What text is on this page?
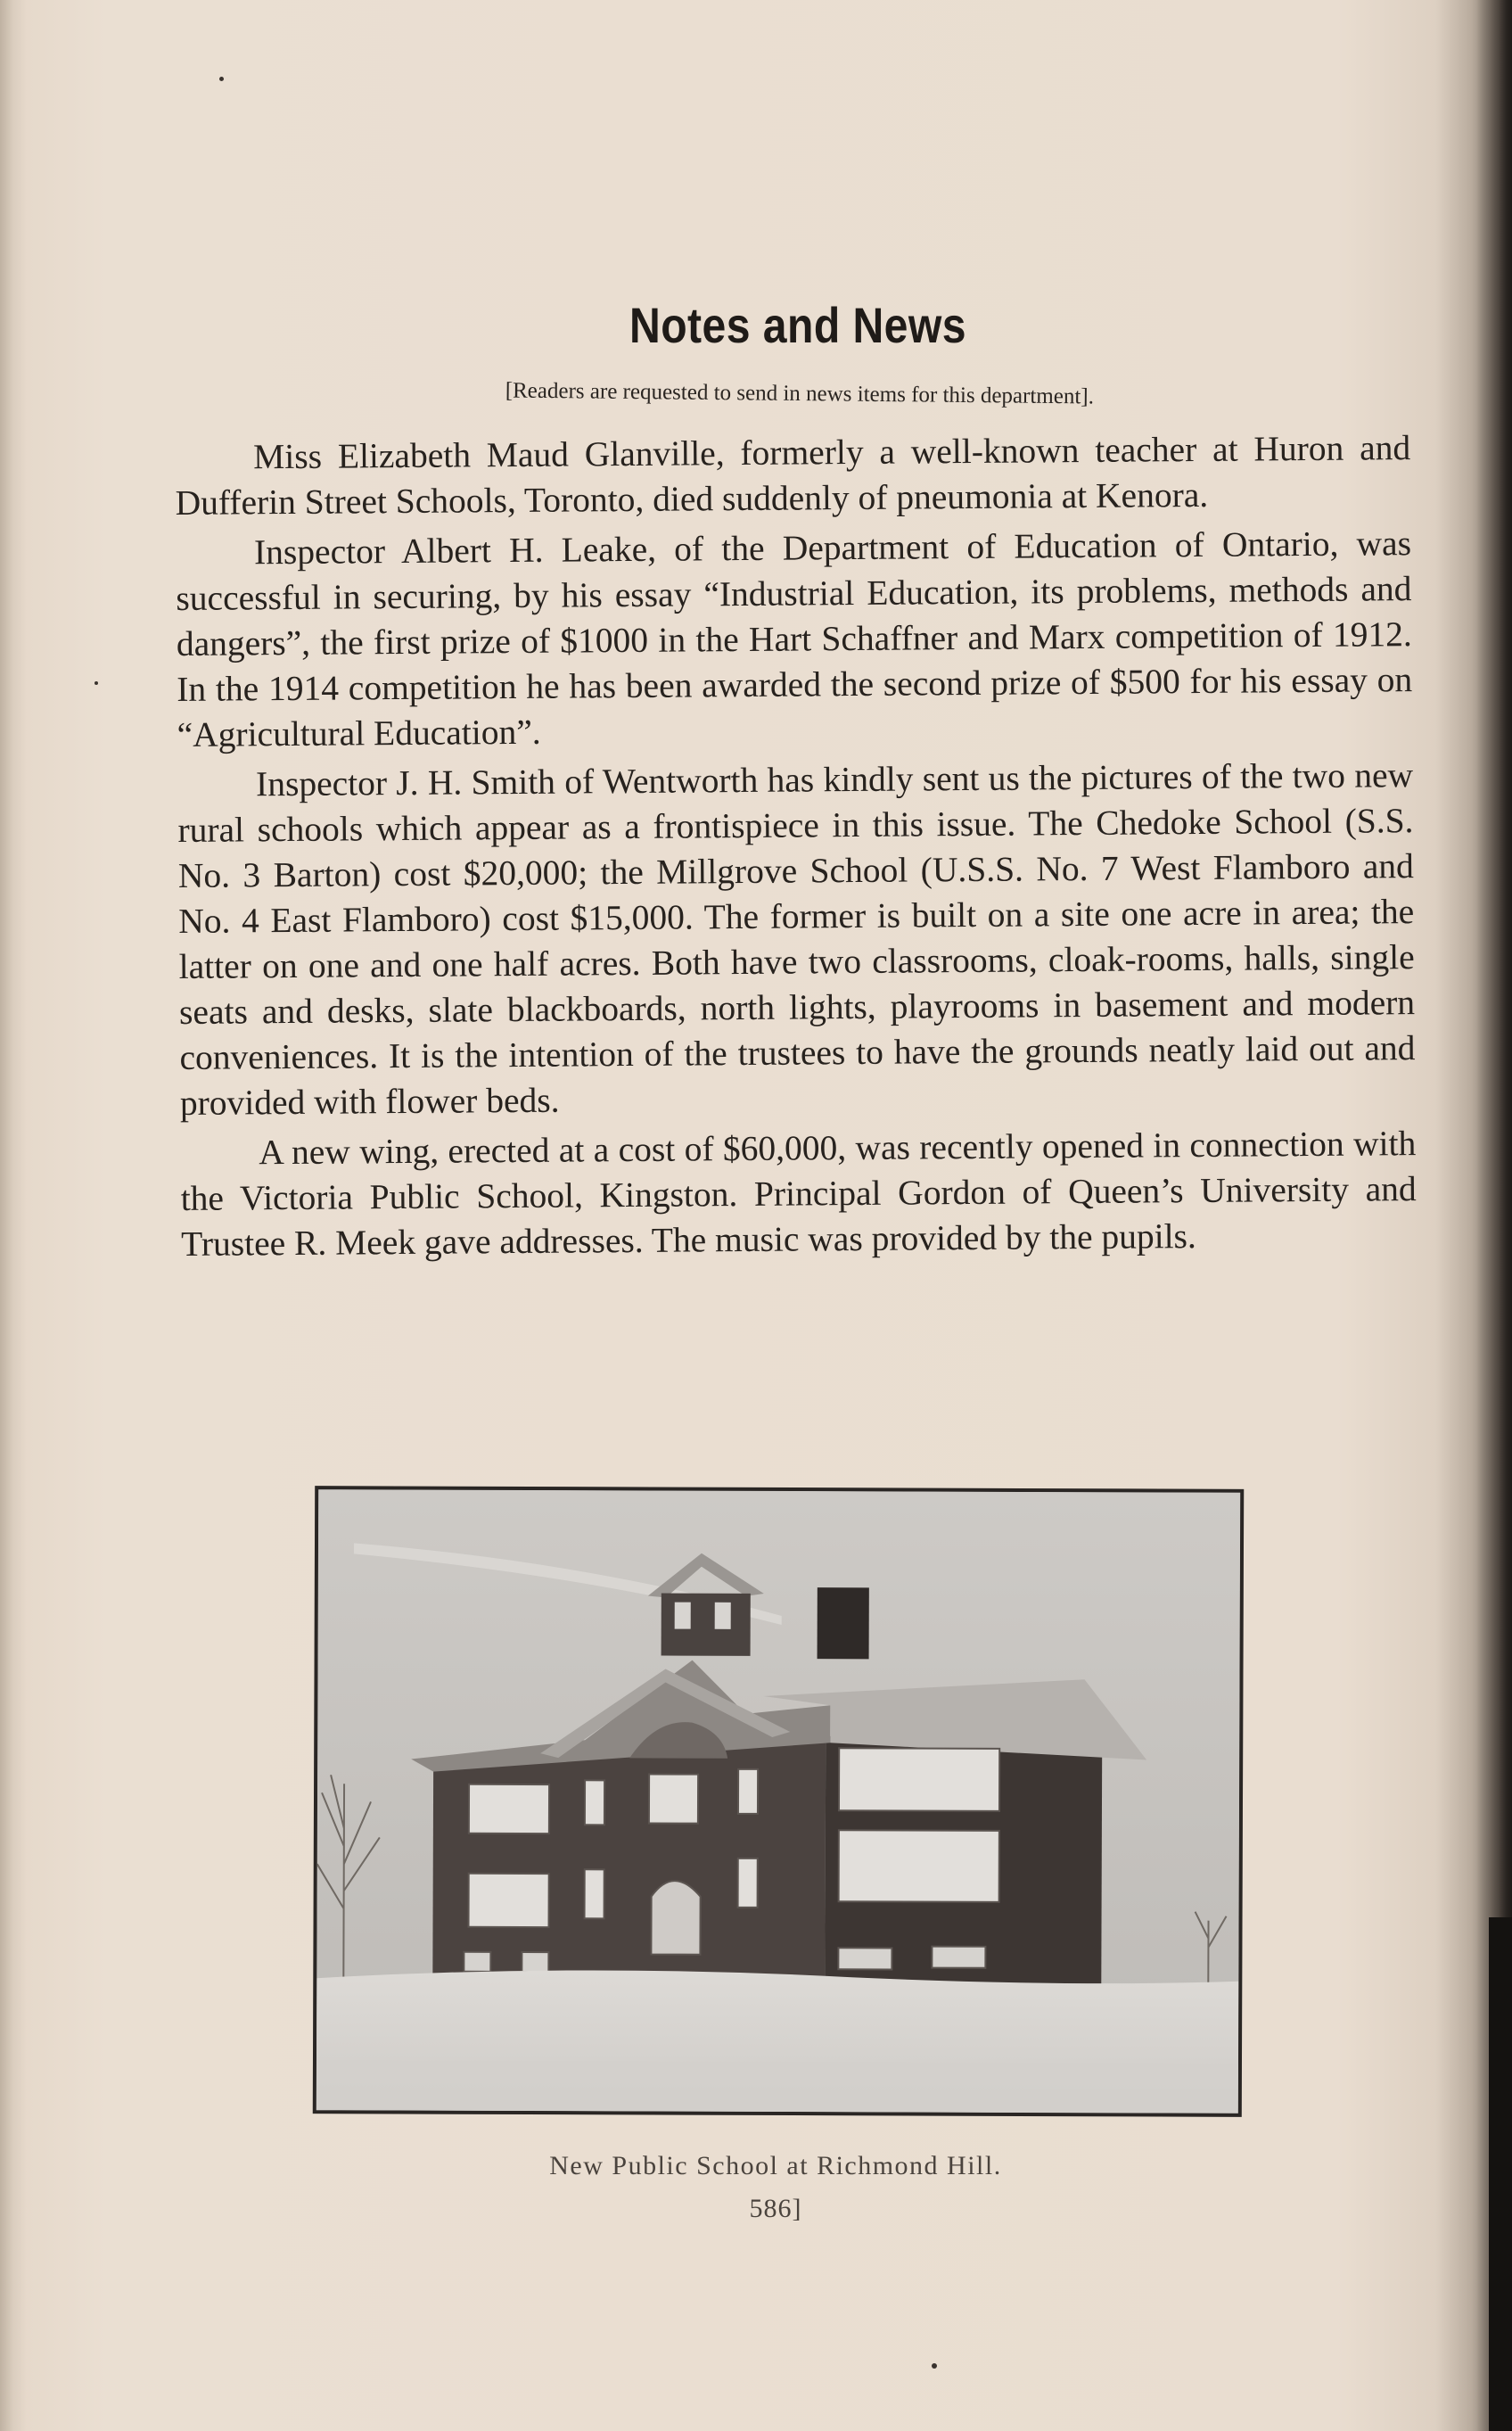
Notes and News
[Readers are requested to send in news items for this department].

Miss Elizabeth Maud Glanville, formerly a well-known teacher at Huron and Dufferin Street Schools, Toronto, died suddenly of pneumonia at Kenora.

Inspector Albert H. Leake, of the Department of Education of Ontario, was successful in securing, by his essay “Industrial Education, its problems, methods and dangers”, the first prize of $1000 in the Hart Schaffner and Marx competition of 1912. In the 1914 competition he has been awarded the second prize of $500 for his essay on “Agricultural Education”.

Inspector J. H. Smith of Wentworth has kindly sent us the pictures of the two new rural schools which appear as a frontispiece in this issue. The Chedoke School (S.S. No. 3 Barton) cost $20,000; the Millgrove School (U.S.S. No. 7 West Flamboro and No. 4 East Flamboro) cost $15,000. The former is built on a site one acre in area; the latter on one and one half acres. Both have two classrooms, cloak-rooms, halls, single seats and desks, slate blackboards, north lights, playrooms in basement and modern conveniences. It is the intention of the trustees to have the grounds neatly laid out and provided with flower beds.

A new wing, erected at a cost of $60,000, was recently opened in connection with the Victoria Public School, Kingston. Principal Gordon of Queen’s University and Trustee R. Meek gave addresses. The music was provided by the pupils.

New Public School at Richmond Hill.
586]
